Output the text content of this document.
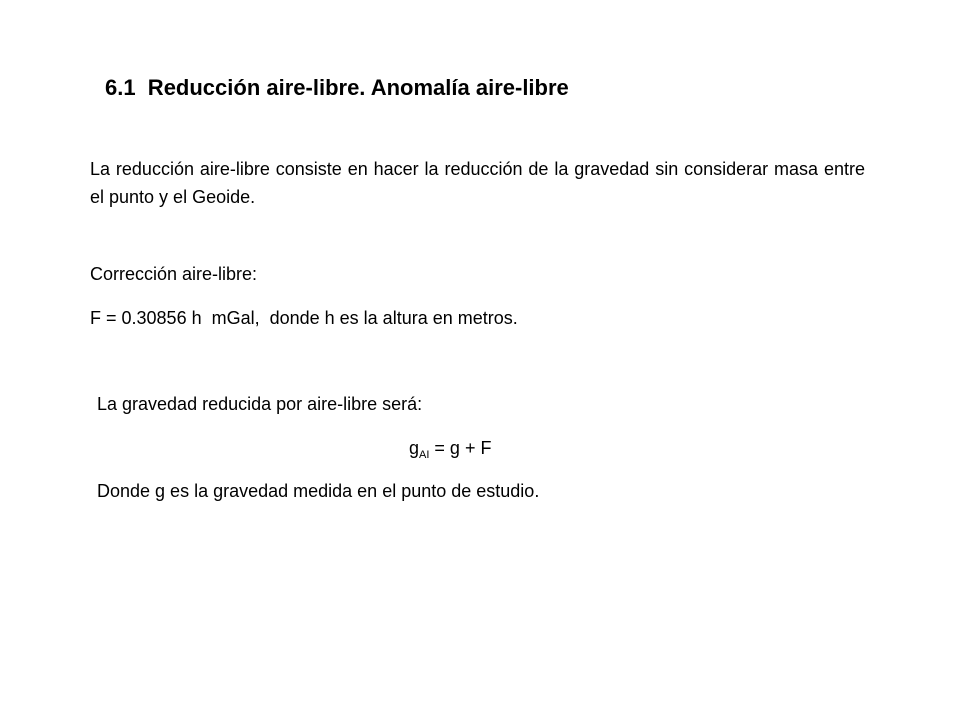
6.1  Reducción aire-libre. Anomalía aire-libre

La reducción aire-libre consiste en hacer la reducción de la gravedad sin considerar masa entre el punto y el Geoide.

Corrección aire-libre:

F = 0.30856 h  mGal,  donde h es la altura en metros.

La gravedad reducida por aire-libre será:

$g_{AI} = g + F$

Donde g es la gravedad medida en el punto de estudio.
